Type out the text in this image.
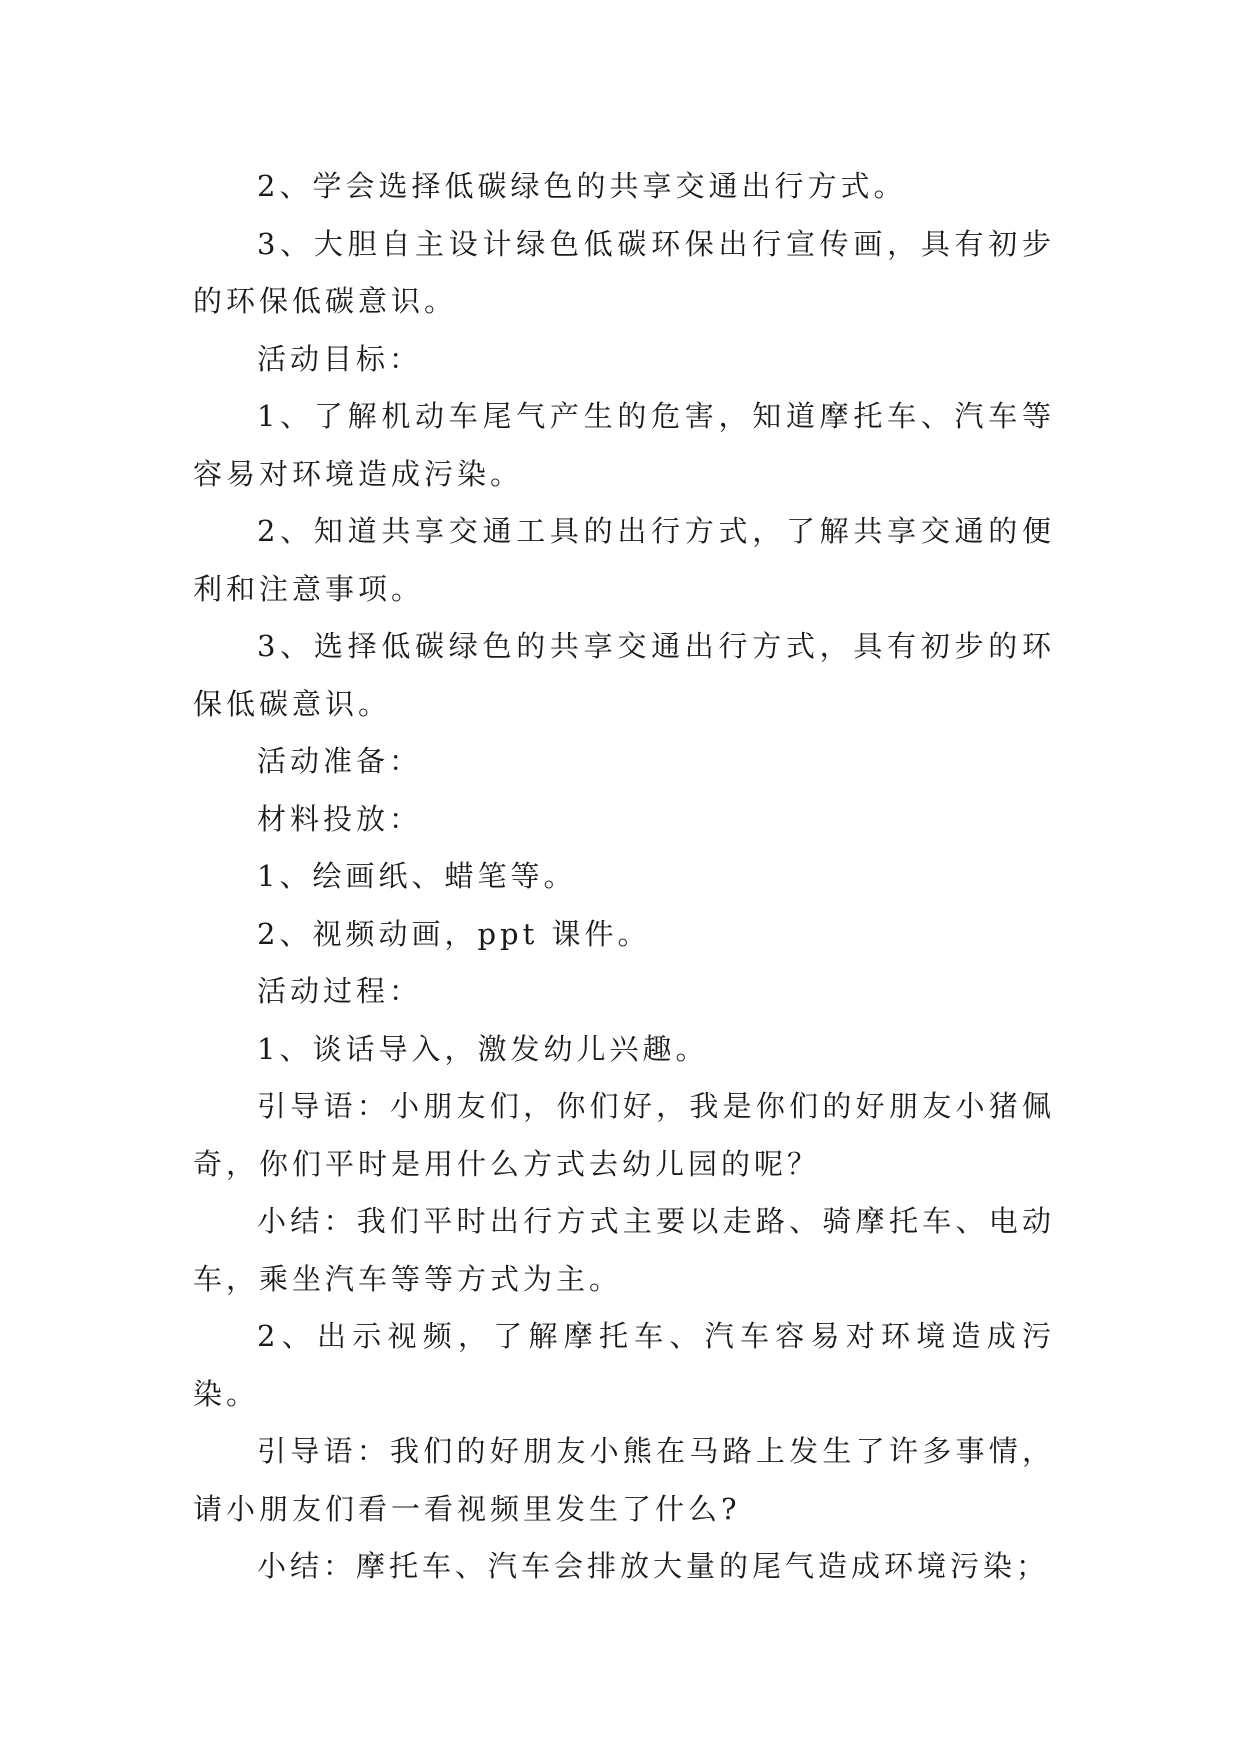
2、学会选择低碳绿色的共享交通出行方式。

3、大胆自主设计绿色低碳环保出行宣传画，具有初步的环保低碳意识。

活动目标：

1、了解机动车尾气产生的危害，知道摩托车、汽车等容易对环境造成污染。

2、知道共享交通工具的出行方式，了解共享交通的便利和注意事项。

3、选择低碳绿色的共享交通出行方式，具有初步的环保低碳意识。

活动准备：

材料投放：

1、绘画纸、蜡笔等。

2、视频动画，ppt 课件。

活动过程：

1、谈话导入，激发幼儿兴趣。

引导语：小朋友们，你们好，我是你们的好朋友小猪佩奇，你们平时是用什么方式去幼儿园的呢？

小结：我们平时出行方式主要以走路、骑摩托车、电动车，乘坐汽车等等方式为主。

2、出示视频，了解摩托车、汽车容易对环境造成污染。

引导语：我们的好朋友小熊在马路上发生了许多事情，请小朋友们看一看视频里发生了什么?

小结：摩托车、汽车会排放大量的尾气造成环境污染；
